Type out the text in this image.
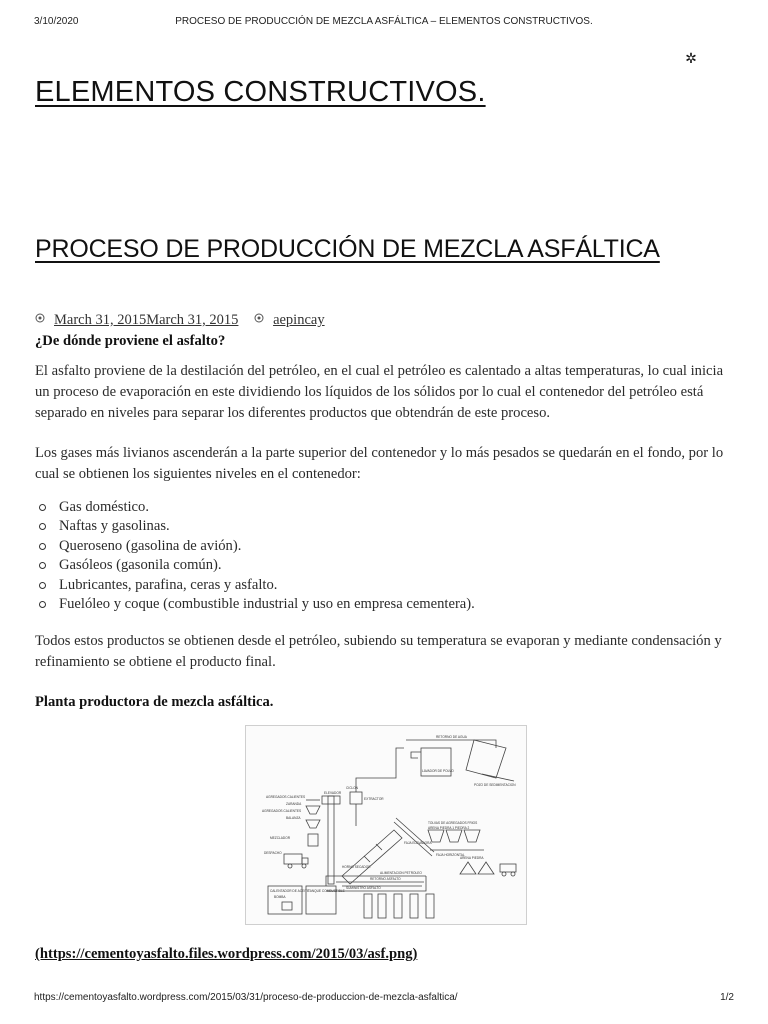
3/10/2020	PROCESO DE PRODUCCIÓN DE MEZCLA ASFÁLTICA – ELEMENTOS CONSTRUCTIVOS.
✲
ELEMENTOS CONSTRUCTIVOS.
PROCESO DE PRODUCCIÓN DE MEZCLA ASFÁLTICA
March 31, 2015March 31, 2015 aepincay

¿De dónde proviene el asfalto?

El asfalto proviene de la destilación del petróleo, en el cual el petróleo es calentado a altas temperaturas, lo cual inicia un proceso de evaporación en este dividiendo los líquidos de los sólidos por lo cual el contenedor del petróleo está separado en niveles para separar los diferentes productos que obtendrán de este proceso.

Los gases más livianos ascenderán a la parte superior del contenedor y lo más pesados se quedarán en el fondo, por lo cual se obtienen los siguientes niveles en el contenedor:

Gas doméstico.
Naftas y gasolinas.
Queroseno (gasolina de avión).
Gasóleos (gasonila común).
Lubricantes, parafina, ceras y asfalto.
Fuelóleo y coque (combustible industrial y uso en empresa cementera).

Todos estos productos se obtienen desde el petróleo, subiendo su temperatura se evaporan y mediante condensación y refinamiento se obtiene el producto final.

Planta productora de mezcla asfáltica.

RETORNO DE AGUA
LAVADOR DE POLVO
POZO DE SEDIMENTACION
CICLON
ELEVADOR
EXTRACTOR
AGREGADOS CALIENTES
ZARANDA
AGREGADOS CALIENTES
BALANZA
MEZCLADOR
DESPACHO
HORNO SECADOR
FAJA ELEVADORA
TOLVAS DE AGREGADOS FRIOS
ARENA PIEDRA 1 PIEDRA 2
FAJA HORIZONTAL
ALIMENTACION PETROLEO
RETORNO ASFALTO
SUMINISTRO ASFALTO
CALENTADOR DE ACEITE
BOMBA
TANQUE COMBUSTIBLE
ARENA PIEDRA
(https://cementoyasfalto.files.wordpress.com/2015/03/asf.png)
https://cementoyasfalto.wordpress.com/2015/03/31/proceso-de-produccion-de-mezcla-asfaltica/	1/2
